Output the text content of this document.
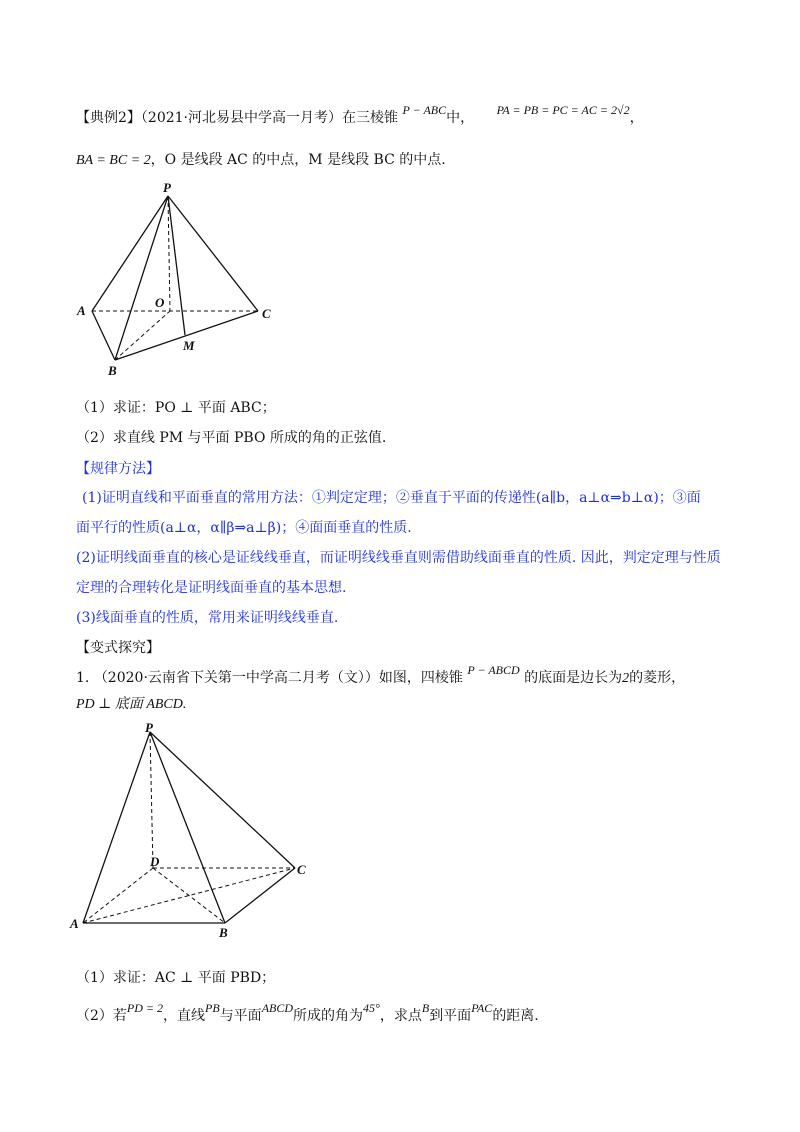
【典例2】（2021·河北易县中学高一月考）在三棱锥 P − ABC中， PA = PB = PC = AC = 2√2，
BA = BC = 2，O 是线段 AC 的中点，M 是线段 BC 的中点.
P
A
O
C
M
B
（1）求证：PO ⊥ 平面 ABC；
（2）求直线 PM 与平面 PBO 所成的角的正弦值.
【规律方法】
(1)证明直线和平面垂直的常用方法：①判定定理；②垂直于平面的传递性(a∥b，a⊥α⇒b⊥α)；③面
面平行的性质(a⊥α，α∥β⇒a⊥β)；④面面垂直的性质.
(2)证明线面垂直的核心是证线线垂直，而证明线线垂直则需借助线面垂直的性质. 因此，判定定理与性质
定理的合理转化是证明线面垂直的基本思想.
(3)线面垂直的性质，常用来证明线线垂直.
【变式探究】
1. （2020·云南省下关第一中学高二月考（文））如图，四棱锥 P − ABCD 的底面是边长为2的菱形，
PD ⊥ 底面 ABCD.
P
D
C
A
B
（1）求证：AC ⊥ 平面 PBD；
（2）若PD = 2，直线PB与平面ABCD所成的角为45°，求点B到平面PAC的距离.
